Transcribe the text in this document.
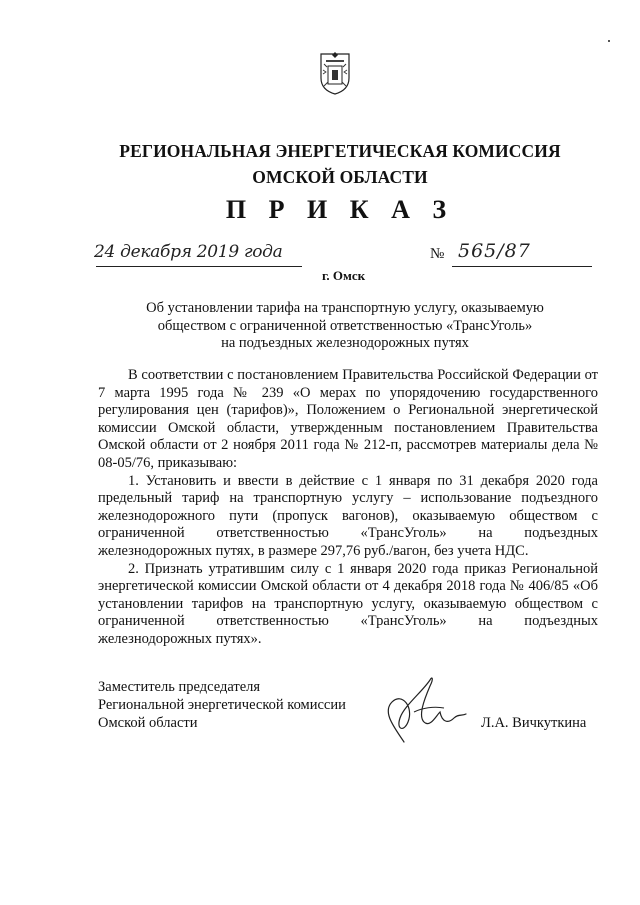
РЕГИОНАЛЬНАЯ ЭНЕРГЕТИЧЕСКАЯ КОМИССИЯ
ОМСКОЙ ОБЛАСТИ
П Р И К А З
24 декабря 2019 года
г. Омск
№ 565/87
Об установлении тарифа на транспортную услугу, оказываемую
обществом с ограниченной ответственностью «ТрансУголь»
на подъездных железнодорожных путях

В соответствии с постановлением Правительства Российской Федерации от 7 марта 1995 года № 239 «О мерах по упорядочению государственного регулирования цен (тарифов)», Положением о Региональной энергетической комиссии Омской области, утвержденным постановлением Правительства Омской области от 2 ноября 2011 года № 212-п, рассмотрев материалы дела № 08-05/76, приказываю:

1. Установить и ввести в действие с 1 января по 31 декабря 2020 года предельный тариф на транспортную услугу – использование подъездного железнодорожного пути (пропуск вагонов), оказываемую обществом с ограниченной ответственностью «ТрансУголь» на подъездных железнодорожных путях, в размере 297,76 руб./вагон, без учета НДС.

2. Признать утратившим силу с 1 января 2020 года приказ Региональной энергетической комиссии Омской области от 4 декабря 2018 года № 406/85 «Об установлении тарифов на транспортную услугу, оказываемую обществом с ограниченной ответственностью «ТрансУголь» на подъездных железнодорожных путях».

Заместитель председателя
Региональной энергетической комиссии
Омской области	Л.А. Вичкуткина
